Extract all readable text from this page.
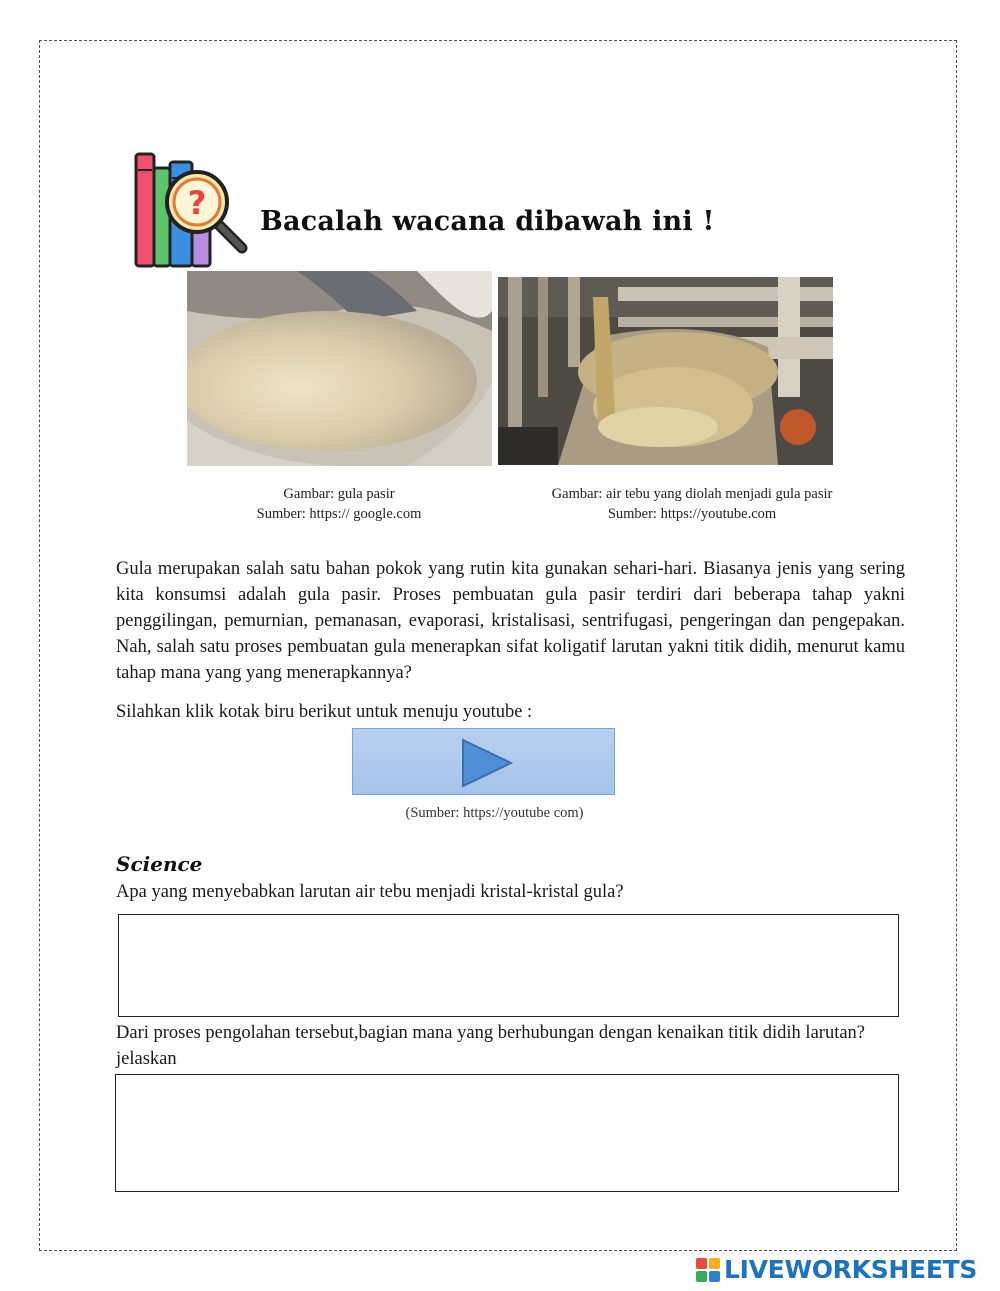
? Bacalah wacana dibawah ini !
Gambar: gula pasir
Sumber: https:// google.com
Gambar: air tebu yang diolah menjadi gula pasir
Sumber: https://youtube.com
Gula merupakan salah satu bahan pokok yang rutin kita gunakan sehari-hari. Biasanya jenis yang sering kita konsumsi adalah gula pasir. Proses pembuatan gula pasir terdiri dari beberapa tahap yakni penggilingan, pemurnian, pemanasan, evaporasi, kristalisasi, sentrifugasi, pengeringan dan pengepakan. Nah, salah satu proses pembuatan gula menerapkan sifat koligatif larutan yakni titik didih, menurut kamu tahap mana yang yang menerapkannya?
Silahkan klik kotak biru berikut untuk menuju youtube :
(Sumber: https://youtube com)
Science
Apa yang menyebabkan larutan air tebu menjadi kristal-kristal gula?
Dari proses pengolahan tersebut,bagian mana yang berhubungan dengan kenaikan titik didih larutan? jelaskan
LIVEWORKSHEETS
